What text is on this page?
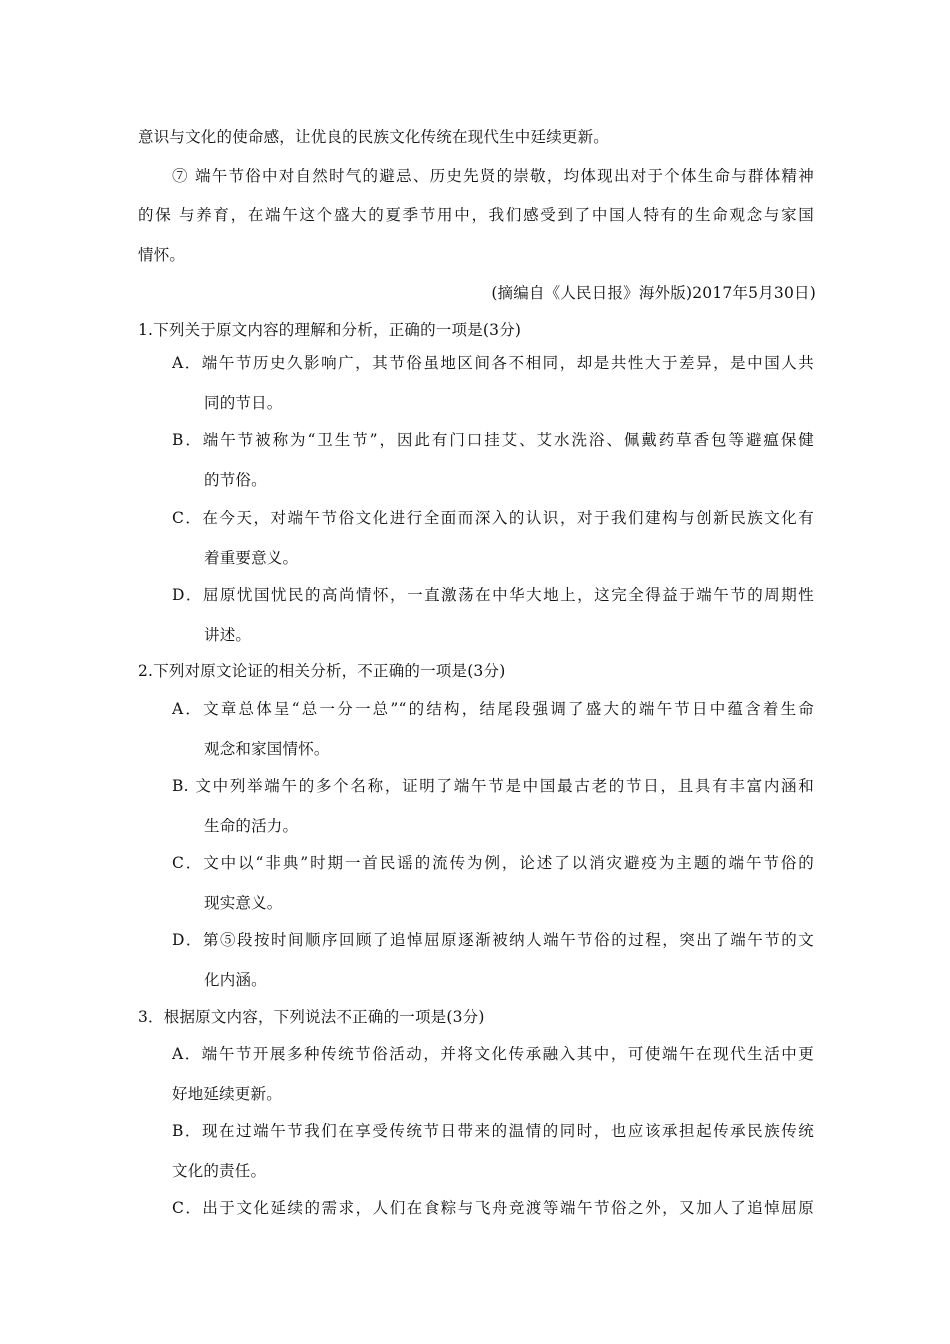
意识与文化的使命感，让优良的民族文化传统在现代生中廷续更新。
⑦ 端午节俗中对自然时气的避忌、历史先贤的崇敬，均体现出对于个体生命与群体精神
的保 与养育，在端午这个盛大的夏季节用中，我们感受到了中国人特有的生命观念与家国
情怀。
(摘编自《人民日报》海外版)2017年5月30日)
1.下列关于原文内容的理解和分析，正确的一项是(3分)
A．端午节历史久影响广，其节俗虽地区间各不相同，却是共性大于差异，是中国人共
同的节日。
B．端午节被称为“卫生节”，因此有门口挂艾、艾水洗浴、佩戴药草香包等避瘟保健
的节俗。
C．在今天，对端午节俗文化进行全面而深入的认识，对于我们建构与创新民族文化有
着重要意义。
D．屈原忧国忧民的高尚情怀，一直激荡在中华大地上，这完全得益于端午节的周期性
讲述。
2.下列对原文论证的相关分析，不正确的一项是(3分)
A．文章总体呈“总一分一总”“的结构，结尾段强调了盛大的端午节日中蕴含着生命
观念和家国情怀。
B. 文中列举端午的多个名称，证明了端午节是中国最古老的节日，且具有丰富内涵和
生命的活力。
C．文中以“非典”时期一首民谣的流传为例，论述了以消灾避疫为主题的端午节俗的
现实意义。
D．第⑤段按时间顺序回顾了追悼屈原逐渐被纳人端午节俗的过程，突出了端午节的文
化内涵。
3．根据原文内容，下列说法不正确的一项是(3分)
A．端午节开展多种传统节俗活动，并将文化传承融入其中，可使端午在现代生活中更
好地延续更新。
B．现在过端午节我们在享受传统节日带来的温情的同时，也应该承担起传承民族传统
文化的责任。
C．出于文化延续的需求，人们在食粽与飞舟竞渡等端午节俗之外，又加人了追悼屈原
